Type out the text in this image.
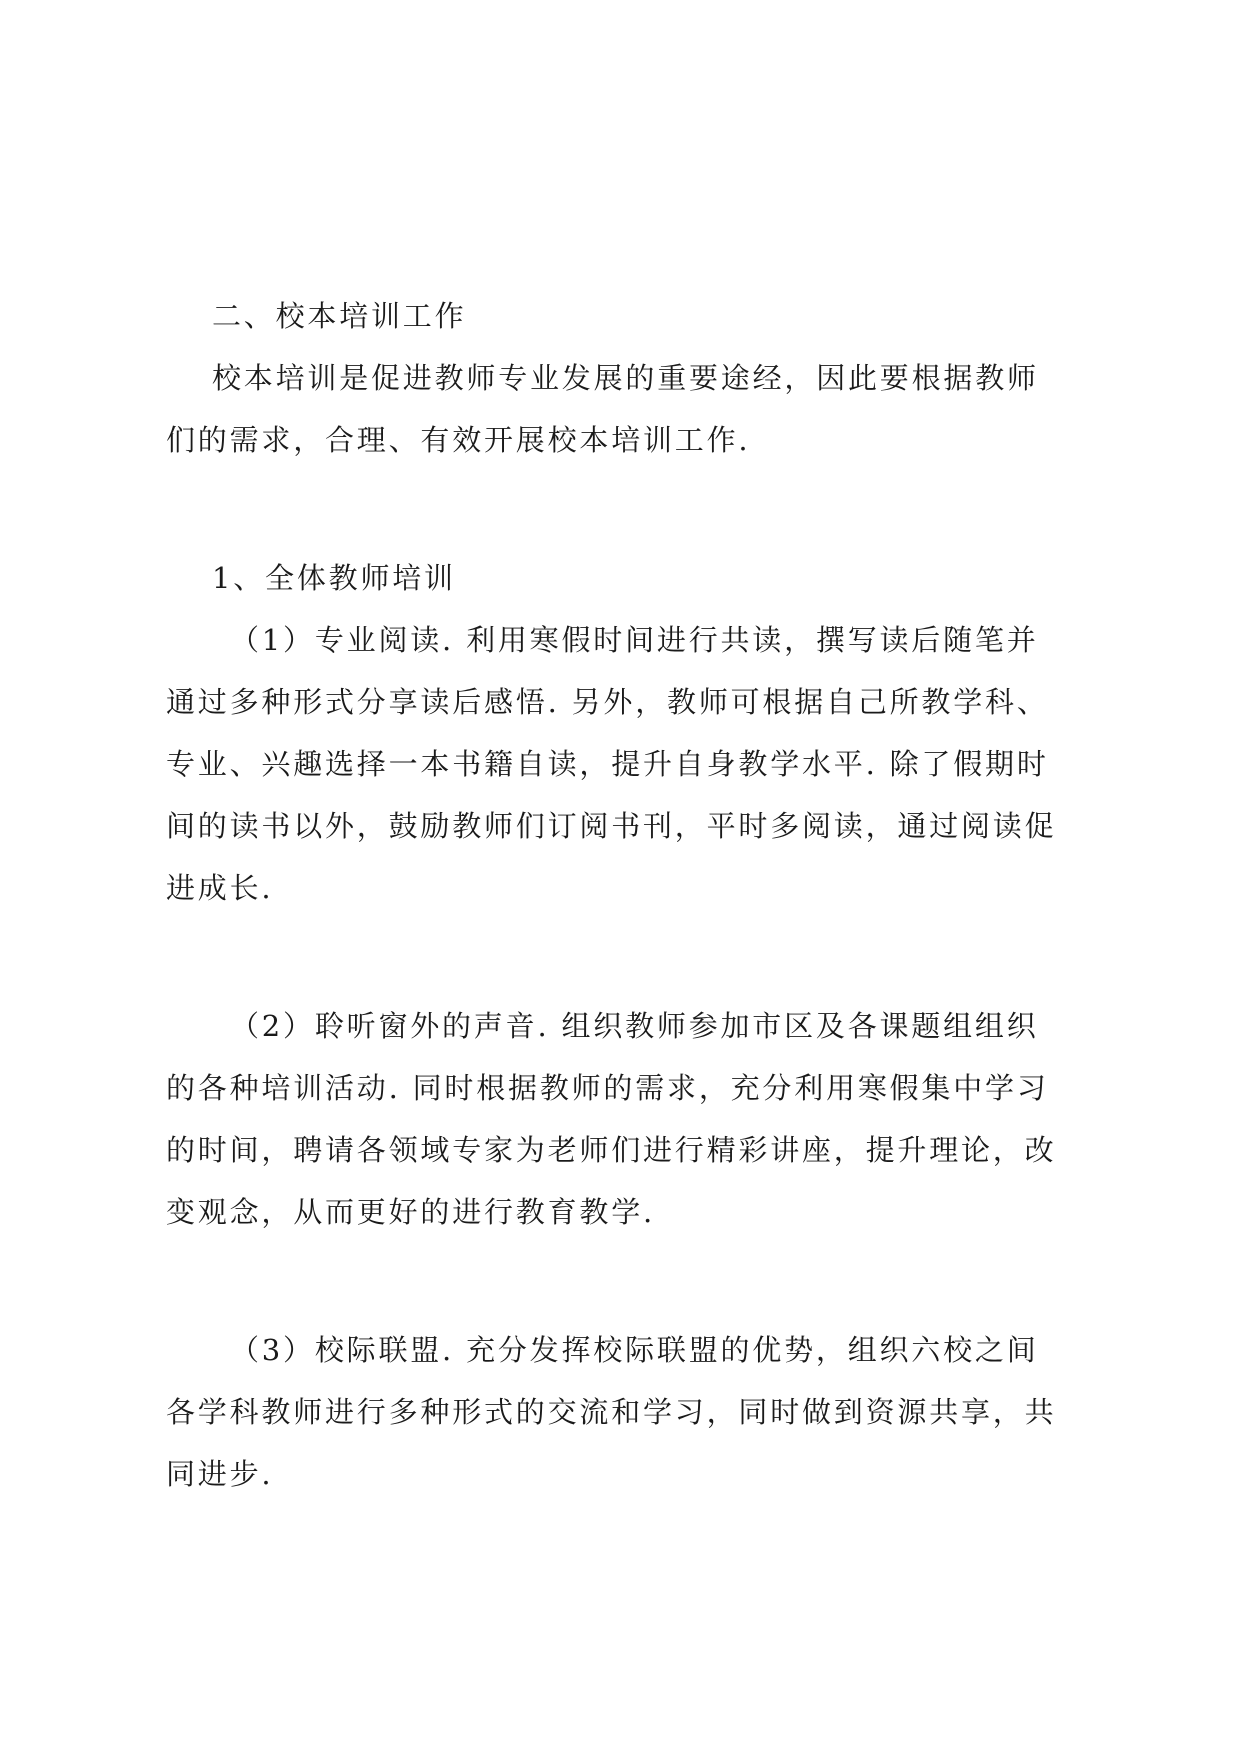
二、校本培训工作
校本培训是促进教师专业发展的重要途经，因此要根据教师
们的需求，合理、有效开展校本培训工作.
1、全体教师培训
（1）专业阅读. 利用寒假时间进行共读，撰写读后随笔并
通过多种形式分享读后感悟. 另外，教师可根据自己所教学科、
专业、兴趣选择一本书籍自读，提升自身教学水平. 除了假期时
间的读书以外，鼓励教师们订阅书刊，平时多阅读，通过阅读促
进成长.
（2）聆听窗外的声音. 组织教师参加市区及各课题组组织
的各种培训活动. 同时根据教师的需求，充分利用寒假集中学习
的时间，聘请各领域专家为老师们进行精彩讲座，提升理论，改
变观念，从而更好的进行教育教学.
（3）校际联盟. 充分发挥校际联盟的优势，组织六校之间
各学科教师进行多种形式的交流和学习，同时做到资源共享，共
同进步.
